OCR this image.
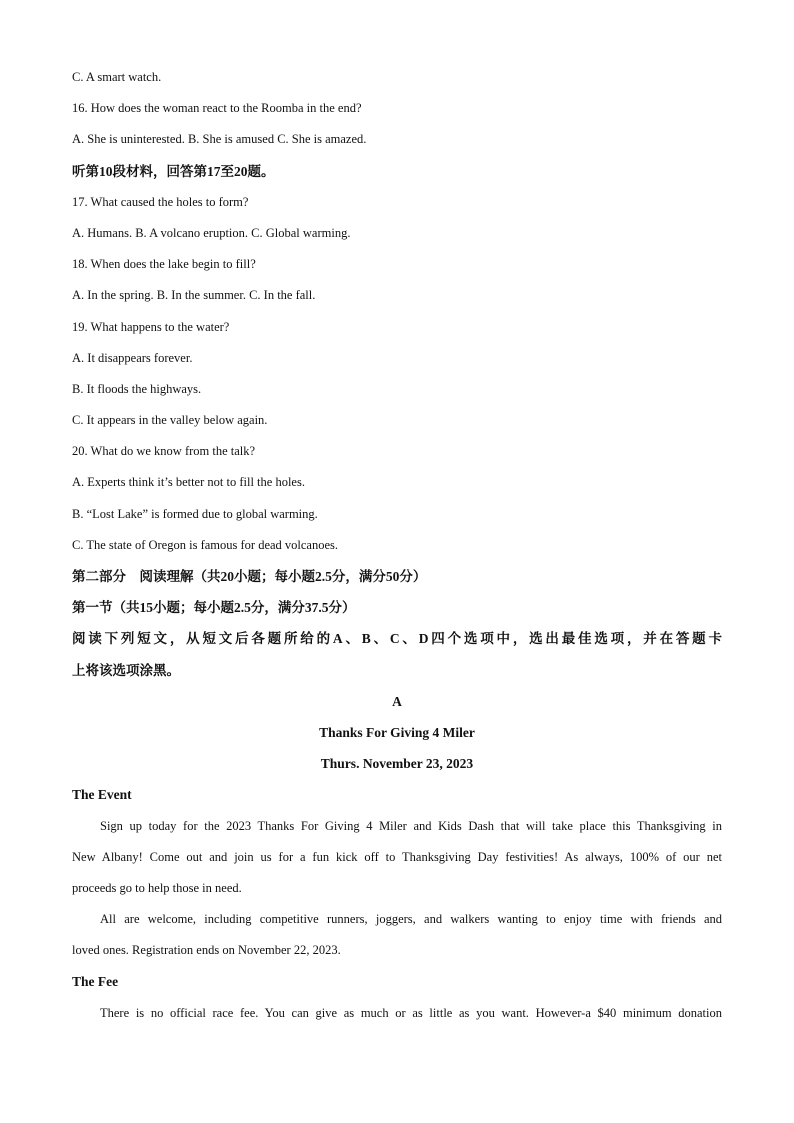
C. A smart watch.
16. How does the woman react to the Roomba in the end?
A. She is uninterested. B. She is amused C. She is amazed.
听第10段材料，回答第17至20题。
17. What caused the holes to form?
A. Humans. B. A volcano eruption. C. Global warming.
18. When does the lake begin to fill?
A. In the spring. B. In the summer. C. In the fall.
19. What happens to the water?
A. It disappears forever.
B. It floods the highways.
C. It appears in the valley below again.
20. What do we know from the talk?
A. Experts think it’s better not to fill the holes.
B. “Lost Lake” is formed due to global warming.
C. The state of Oregon is famous for dead volcanoes.
第二部分　阅读理解（共20小题；每小题2.5分，满分50分）
第一节（共15小题；每小题2.5分，满分37.5分）
阅读下列短文，从短文后各题所给的A、B、C、D四个选项中，选出最佳选项，并在答题卡
上将该选项涂黑。
A
Thanks For Giving 4 Miler
Thurs. November 23, 2023
The Event
Sign up today for the 2023 Thanks For Giving 4 Miler and Kids Dash that will take place this Thanksgiving in
New Albany! Come out and join us for a fun kick off to Thanksgiving Day festivities! As always, 100% of our net
proceeds go to help those in need.
All are welcome, including competitive runners, joggers, and walkers wanting to enjoy time with friends and
loved ones. Registration ends on November 22, 2023.
The Fee
There is no official race fee. You can give as much or as little as you want. However-a $40 minimum donation
